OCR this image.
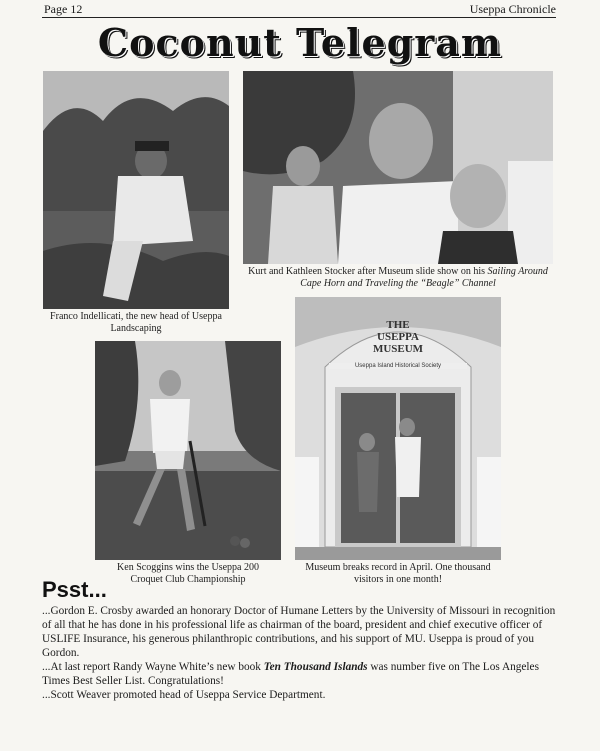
Page 12	Useppa Chronicle
Coconut Telegram
Franco Indellicati, the new head of Useppa Landscaping
Kurt and Kathleen Stocker after Museum slide show on his Sailing Around Cape Horn and Traveling the “Beagle” Channel
Ken Scoggins wins the Useppa 200 Croquet Club Championship
THE
USEPPA
MUSEUM
Useppa Island Historical Society
Museum breaks record in April. One thousand visitors in one month!
Psst...

...Gordon E. Crosby awarded an honorary Doctor of Humane Letters by the University of Missouri in recognition of all that he has done in his professional life as chairman of the board, president and chief executive officer of USLIFE Insurance, his generous philanthropic contributions, and his support of MU. Useppa is proud of you Gordon.

...At last report Randy Wayne White’s new book Ten Thousand Islands was number five on The Los Angeles Times Best Seller List. Congratulations!

...Scott Weaver promoted head of Useppa Service Department.
